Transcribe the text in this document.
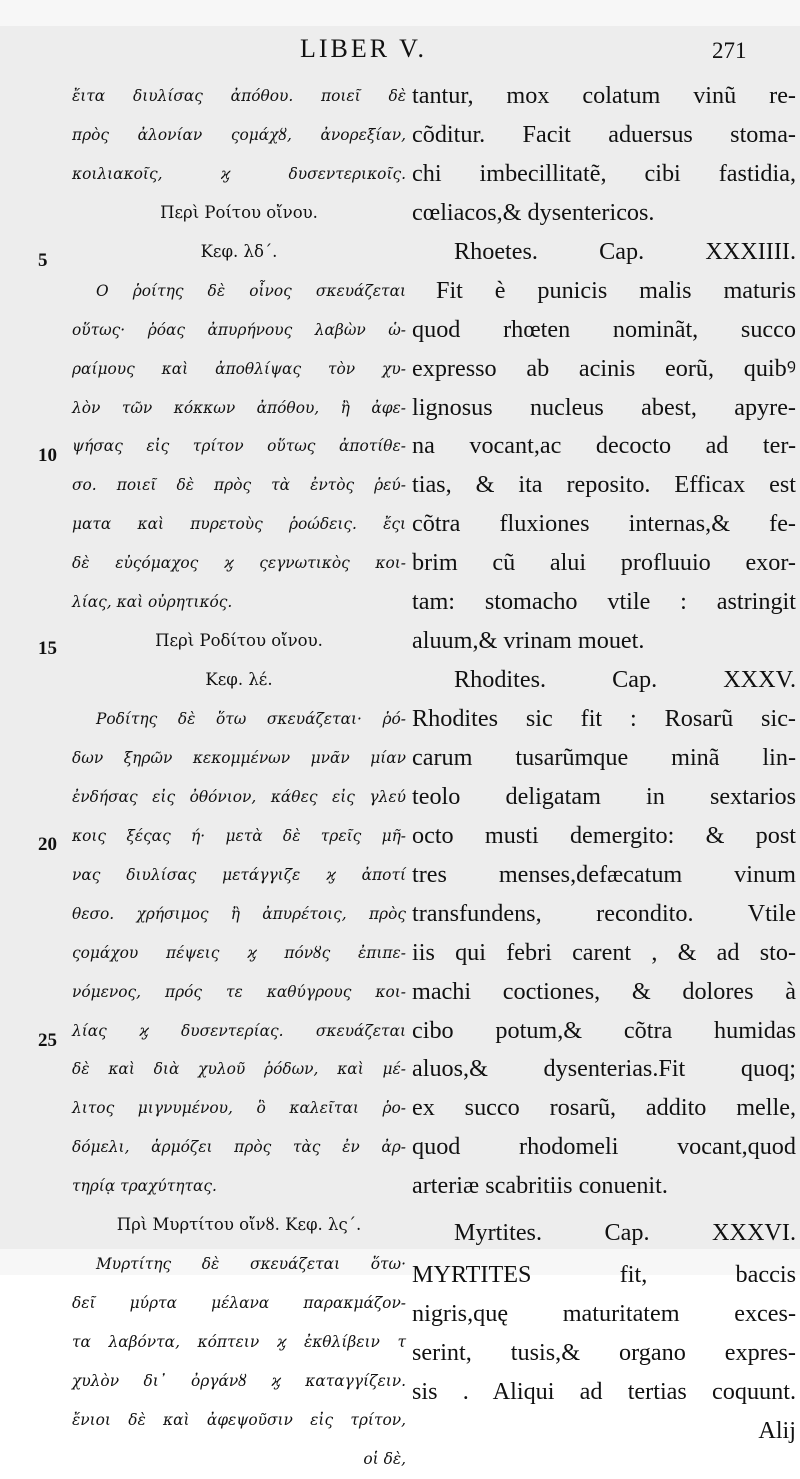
LIBER V.	271
ἔιτα διυλίσας ἀπόθου. ποιεῖ δὲ
πρὸς ἀλονίαν ςομάχȣ, ἀνορεξίαν,
κοιλιακοῖς, ϗ δυσεντερικοῖς.
Περὶ Ροίτου οἴνου.
Κεφ. λδ΄.
Ο ῥοίτης δὲ οἶνος σκευάζεται
οὕτως· ῥόας ἀπυρήνους λαβὼν ὡ-
ραίμους καὶ ἀποθλίψας τὸν χυ-
λὸν τῶν κόκκων ἀπόθου, ἢ ἀφε-
ψήσας εἰς τρίτον οὕτως ἀποτίθε-
σο. ποιεῖ δὲ πρὸς τὰ ἐντὸς ῥεύ-
ματα καὶ πυρετοὺς ῥοώδεις. ἔςι
δὲ εὐςόμαχος ϗ ςεγνωτικὸς κοι-
λίας, καὶ οὐρητικός.
Περὶ Ροδίτου οἴνου.
Κεφ. λέ.
Ροδίτης δὲ ὅτω σκευάζεται· ῥό-
δων ξηρῶν κεκομμένων μνᾶν μίαν
ἐνδήσας εἰς ὀθόνιον, κάθες εἰς γλεύ
κοις ξέςας ή· μετὰ δὲ τρεῖς μῆ-
νας διυλίσας μετάγγιζε ϗ ἀποτί
θεσο. χρήσιμος ἢ ἀπυρέτοις, πρὸς
ςομάχου πέψεις ϗ πόνȣς ἐπιπε-
νόμενος, πρός τε καθύγρους κοι-
λίας ϗ δυσεντερίας. σκευάζεται
δὲ καὶ διὰ χυλοῦ ῥόδων, καὶ μέ-
λιτος μιγνυμένου, ὃ καλεῖται ῥο-
δόμελι, ἁρμόζει πρὸς τὰς ἐν ἀρ-
τηρίᾳ τραχύτητας.
Πρὶ Μυρτίτου οἴνȣ. Κεφ. λς΄.
Μυρτίτης δὲ σκευάζεται ὅτω·
δεῖ μύρτα μέλανα παρακμάζον-
τα λαβόντα, κόπτειν ϗ ἐκθλίβειν τ
χυλὸν δι᾽ ὀργάνȣ ϗ καταγγίζειν.
ἔνιοι δὲ καὶ ἀφεψοῦσιν εἰς τρίτον,
οἱ δὲ,
tantur, mox colatum vinũ re-
cõditur. Facit aduersus stoma-
chi imbecillitatẽ, cibi fastidia,
cœliacos,& dysentericos.
Rhoetes. Cap. XXXIIII.
Fit è punicis malis maturis
quod rhœten nominãt, succo
expresso ab acinis eorũ, quibꝰ
lignosus nucleus abest, apyre-
na vocant,ac decocto ad ter-
tias, & ita reposito. Efficax est
cõtra fluxiones internas,& fe-
brim cũ alui profluuio exor-
tam: stomacho vtile : astringit
aluum,& vrinam mouet.
Rhodites. Cap. XXXV.
Rhodites sic fit : Rosarũ sic-
carum tusarũmque minã lin-
teolo deligatam in sextarios
octo musti demergito: & post
tres menses,defæcatum vinum
transfundens, recondito. Vtile
iis qui febri carent , & ad sto-
machi coctiones, & dolores à
cibo potum,& cõtra humidas
aluos,& dysenterias.Fit quoq;
ex succo rosarũ, addito melle,
quod rhodomeli vocant,quod
arteriæ scabritiis conuenit.
Myrtites. Cap. XXXVI.
MYRTITES fit, baccis
nigris,quę maturitatem exces-
serint, tusis,& organo expres-
sis . Aliqui ad tertias coquunt.
Alij
5
10
15
20
25
